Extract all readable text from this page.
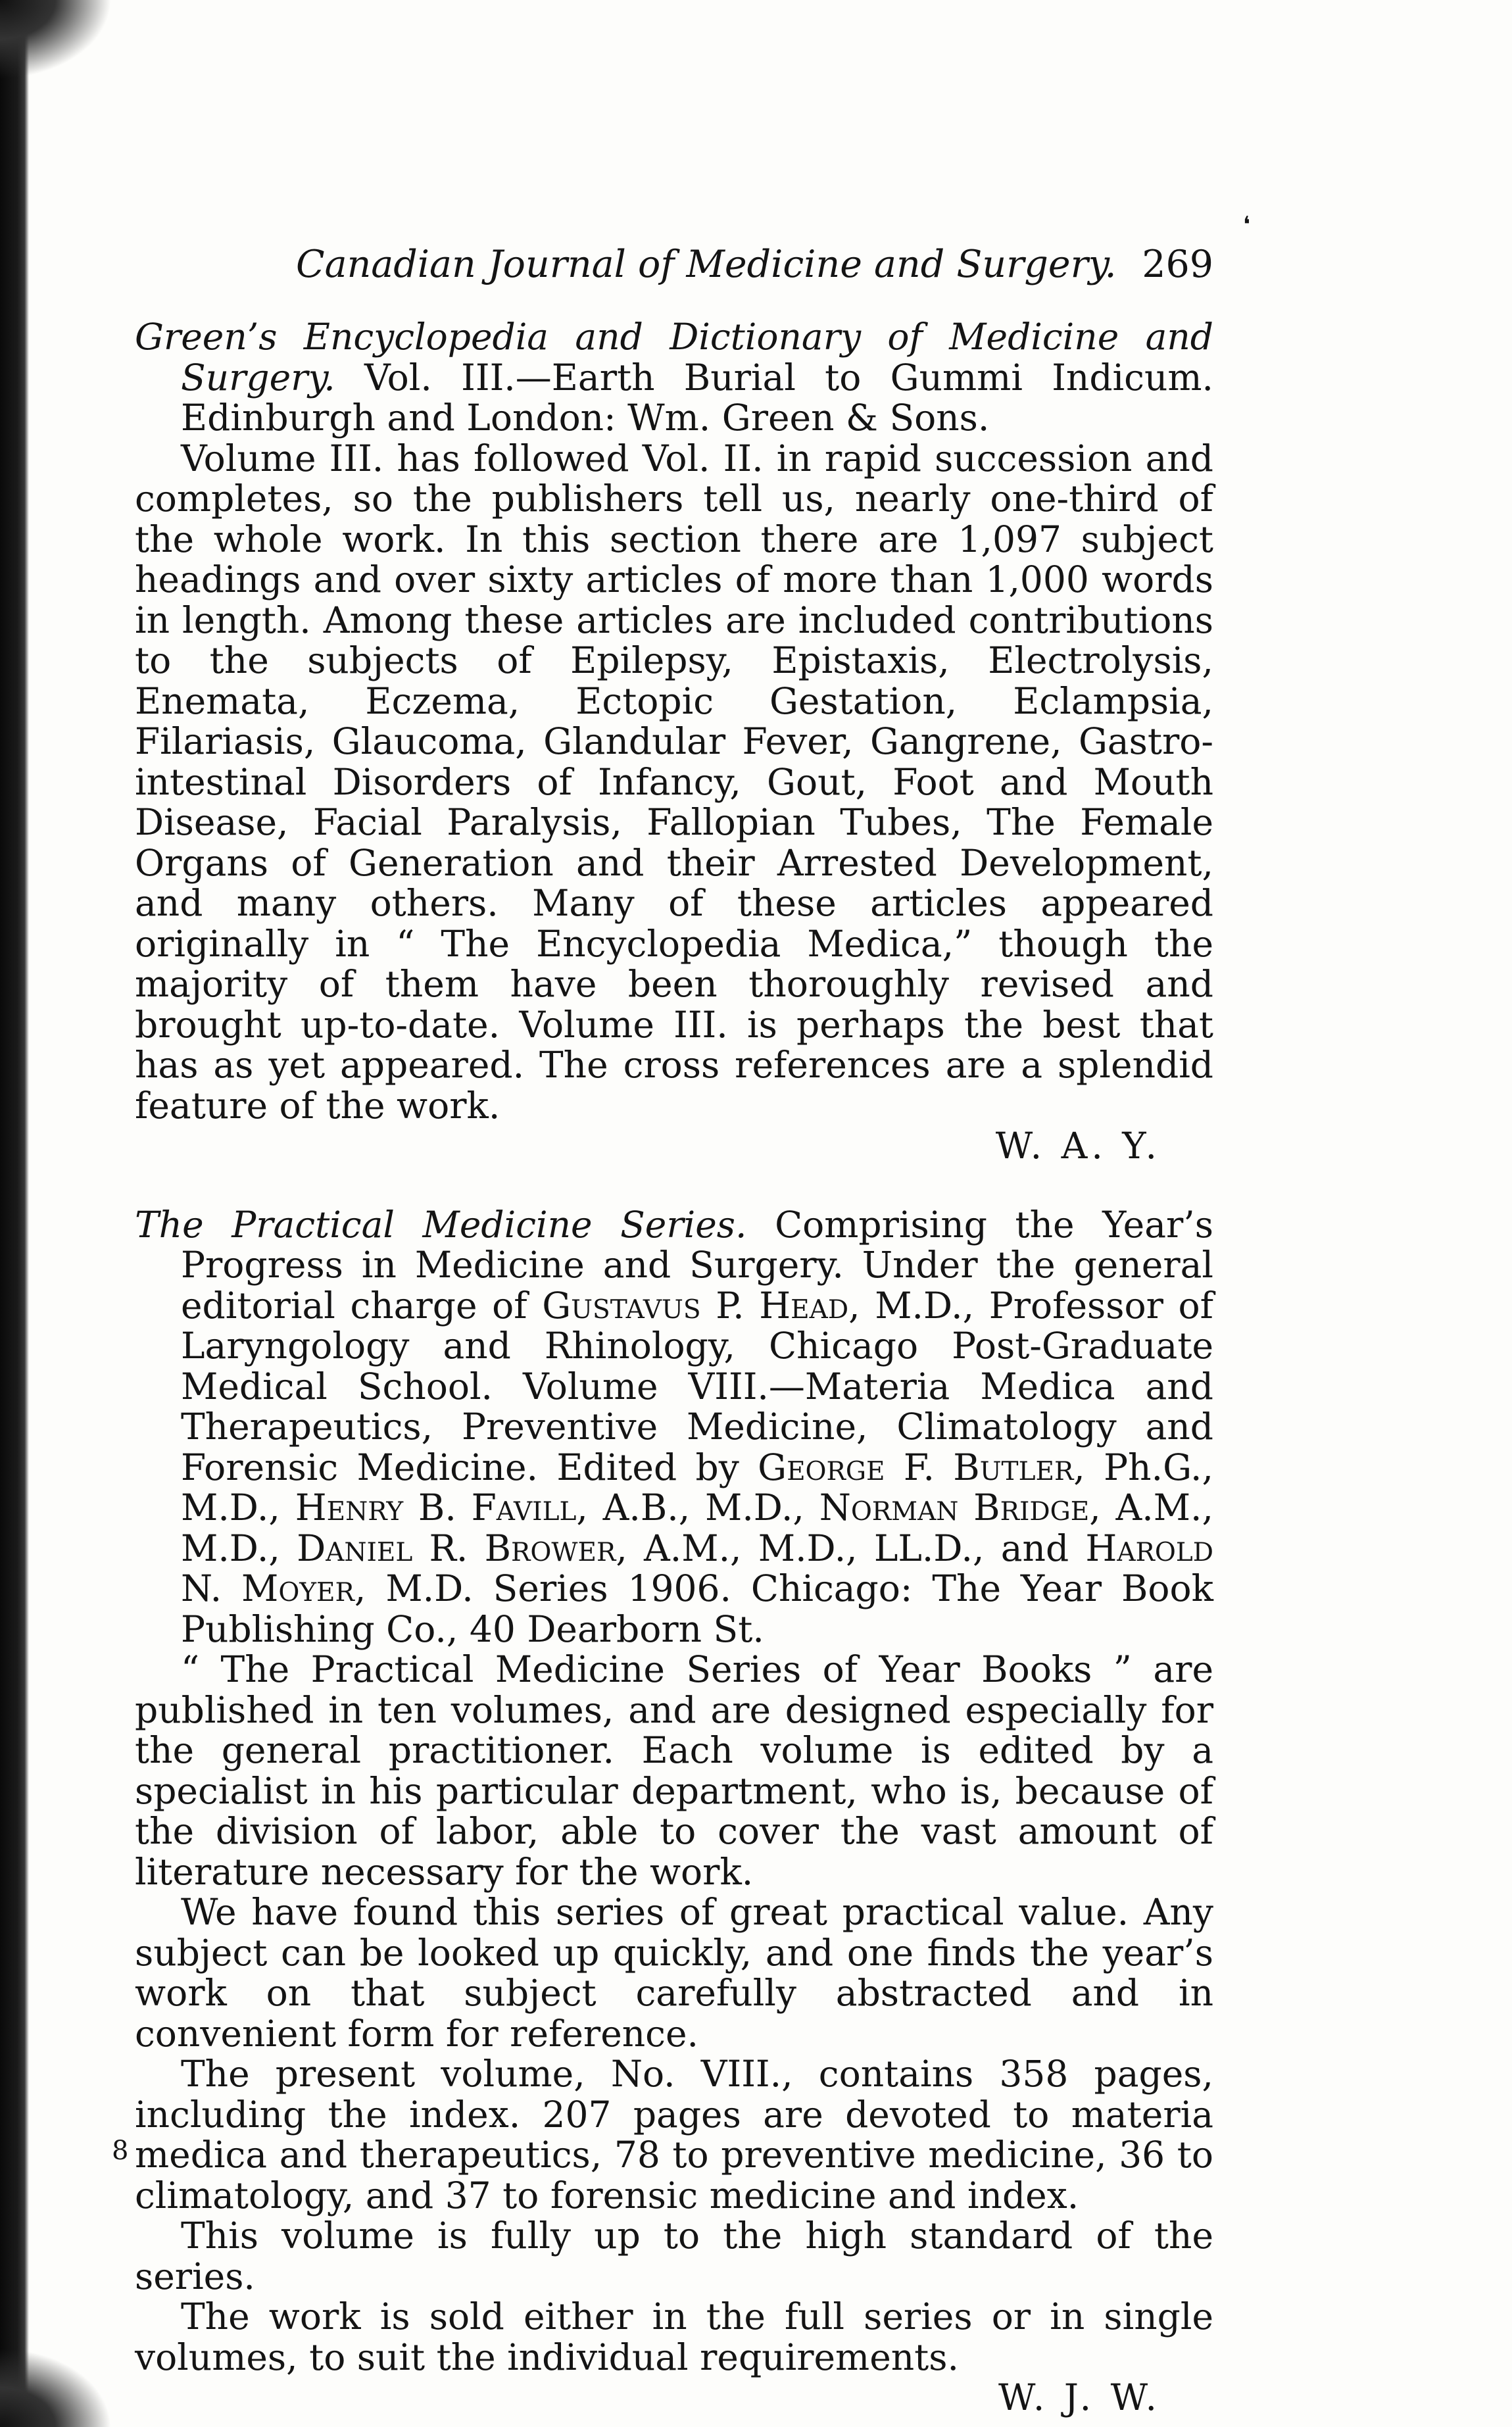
❛
Canadian Journal of Medicine and Surgery. 269

Green’s Encyclopedia and Dictionary of Medicine and Surgery. Vol. III.—Earth Burial to Gummi Indicum. Edinburgh and London: Wm. Green & Sons.

Volume III. has followed Vol. II. in rapid succession and completes, so the publishers tell us, nearly one-third of the whole work. In this section there are 1,097 subject headings and over sixty articles of more than 1,000 words in length. Among these articles are included contributions to the subjects of Epilepsy, Epistaxis, Electrolysis, Enemata, Eczema, Ectopic Gestation, Eclampsia, Filariasis, Glaucoma, Glandular Fever, Gangrene, Gastro-intestinal Disorders of Infancy, Gout, Foot and Mouth Disease, Facial Paralysis, Fallopian Tubes, The Female Organs of Generation and their Arrested Development, and many others. Many of these articles appeared originally in “ The Encyclopedia Medica,” though the majority of them have been thoroughly revised and brought up-to-date. Volume III. is perhaps the best that has as yet appeared. The cross references are a splendid feature of the work.

W. A. Y.

The Practical Medicine Series. Comprising the Year’s Progress in Medicine and Surgery. Under the general editorial charge of Gustavus P. Head, M.D., Professor of Laryngology and Rhinology, Chicago Post-Graduate Medical School. Volume VIII.—Materia Medica and Therapeutics, Preventive Medicine, Climatology and Forensic Medicine. Edited by George F. Butler, Ph.G., M.D., Henry B. Favill, A.B., M.D., Norman Bridge, A.M., M.D., Daniel R. Brower, A.M., M.D., LL.D., and Harold N. Moyer, M.D. Series 1906. Chicago: The Year Book Publishing Co., 40 Dearborn St.

“ The Practical Medicine Series of Year Books ” are published in ten volumes, and are designed especially for the general practitioner. Each volume is edited by a specialist in his particular department, who is, because of the division of labor, able to cover the vast amount of literature necessary for the work.

We have found this series of great practical value. Any subject can be looked up quickly, and one finds the year’s work on that subject carefully abstracted and in convenient form for reference.

The present volume, No. VIII., contains 358 pages, including the index. 207 pages are devoted to materia medica and therapeutics, 78 to preventive medicine, 36 to climatology, and 37 to forensic medicine and index.

This volume is fully up to the high standard of the series.

The work is sold either in the full series or in single volumes, to suit the individual requirements.
W. J. W.

8
